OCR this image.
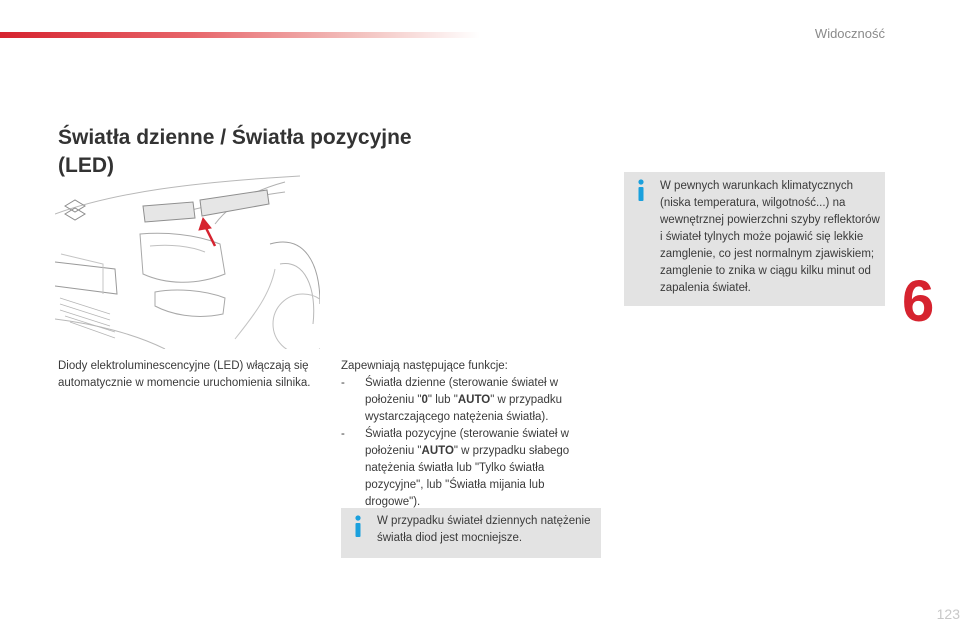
Widoczność
Światła dzienne / Światła pozycyjne
(LED)
Diody elektroluminescencyjne (LED) włączają się automatycznie w momencie uruchomienia silnika.

Zapewniają następujące funkcje:

- Światła dzienne (sterowanie świateł w położeniu "0" lub "AUTO" w przypadku wystarczającego natężenia światła).
- Światła pozycyjne (sterowanie świateł w położeniu "AUTO" w przypadku słabego natężenia światła lub "Tylko światła pozycyjne", lub "Światła mijania lub drogowe").
W pewnych warunkach klimatycznych (niska temperatura, wilgotność...) na wewnętrznej powierzchni szyby reflektorów i świateł tylnych może pojawić się lekkie zamglenie, co jest normalnym zjawiskiem; zamglenie to znika w ciągu kilku minut od zapalenia świateł.
W przypadku świateł dziennych natężenie światła diod jest mocniejsze.
6
123
